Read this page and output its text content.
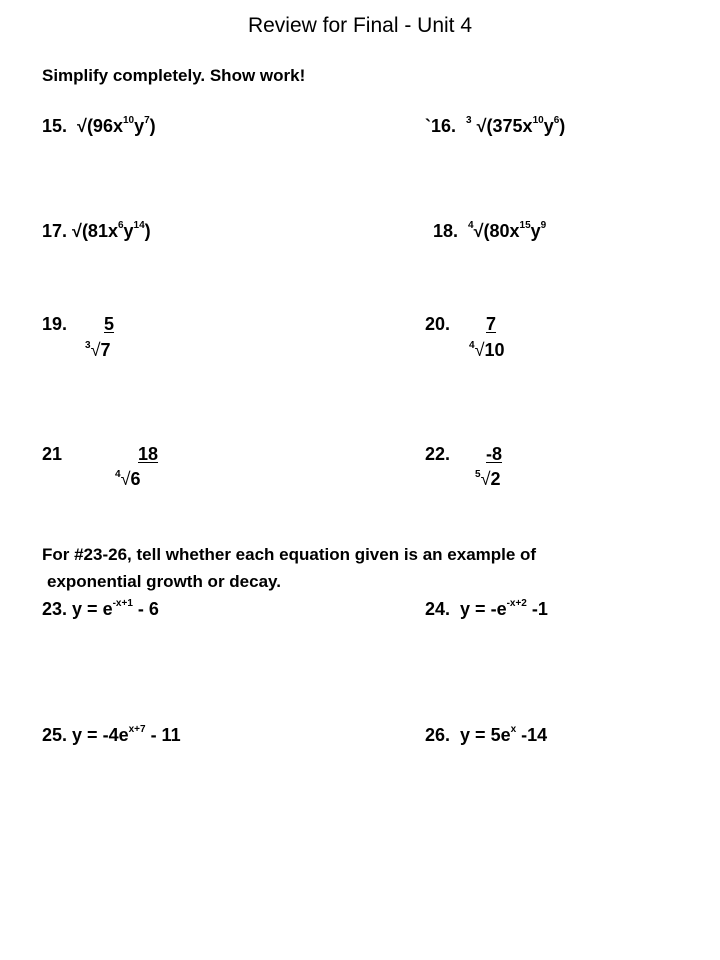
Review for Final - Unit 4

Simplify completely. Show work!

15. $√(96x^{10}y^7)$	`16. $^3$ $√(375x^{10}y^6)$
17. $√(81x^6y^{14})$	18. $^4√(80x^{15}y^9$
19. 5
$^3$√7
20. 7
$^4$√10
21	18
$^4$√6
22. -8
$^5$√2

For #23-26, tell whether each equation given is an example of

exponential growth or decay.

23. $y = e^{-x+1} - 6$	24. $y = -e^{-x+2}$ -1
25. $y = -4e^{x+7} - 11$	26. $y = 5e^x$ -14
